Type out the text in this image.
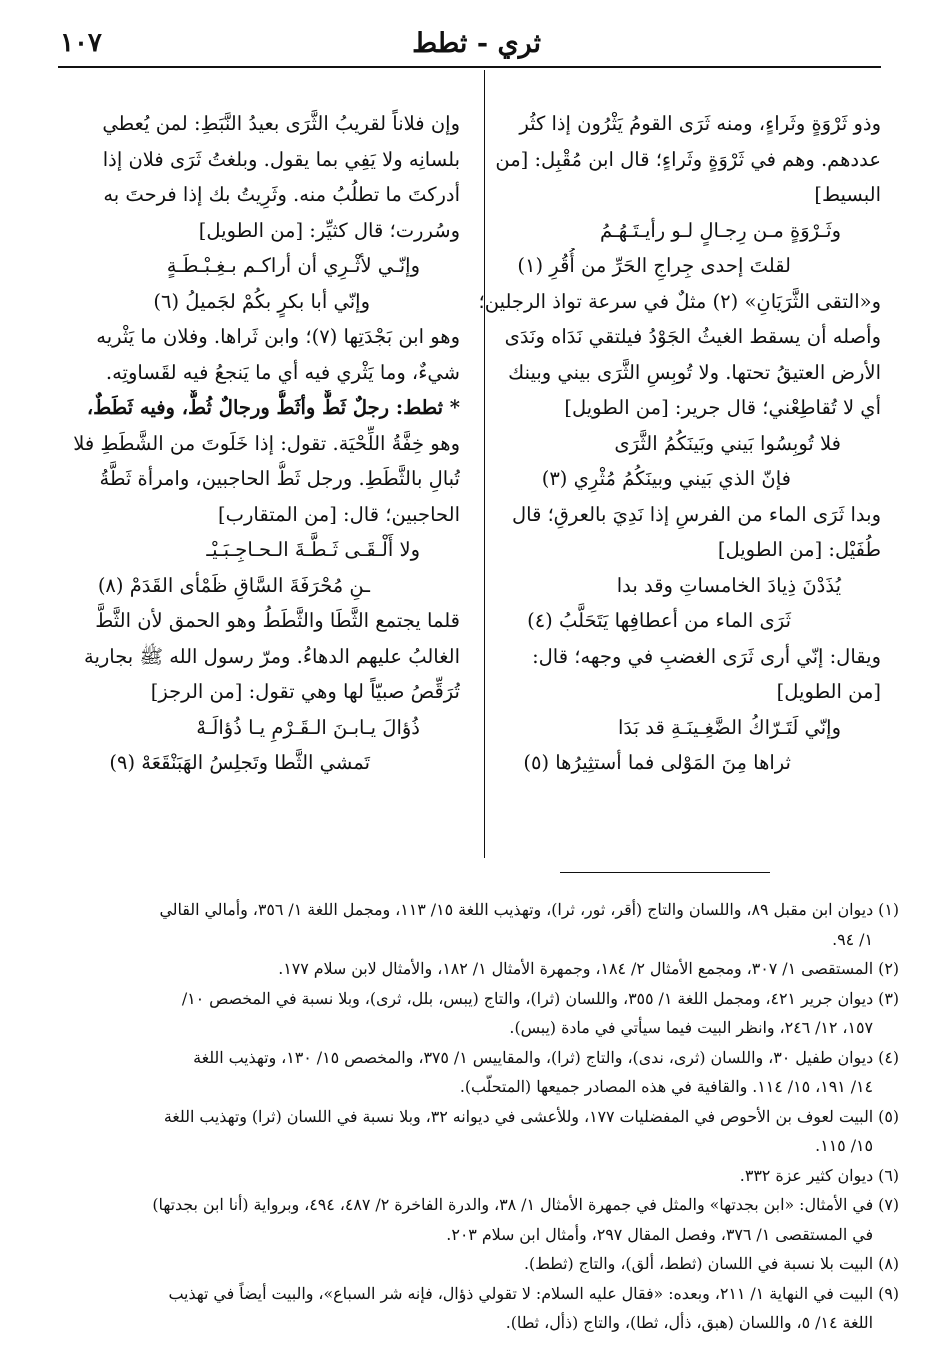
١٠٧	ثري - ثطط
وذو ثَرْوَةٍ وثَراءٍ، ومنه ثَرَى القومُ يَثْرُون إذا كثُر
عددهم. وهم في ثَرْوَةٍ وثَراءٍ؛ قال ابن مُقْبِل: [من
البسيط]
وثَـرْوَةٍ مـن رِجـالٍ لـو رأيـتَـهُـمُ
لقلتَ إحدى جِراجِ الحَرِّ من أُقُرِ (١)
و«التقى الثَّرَيَانِ» (٢) مثلٌ في سرعة تواذ الرجلين؛
وأصله أن يسقط الغيثُ الجَوْدُ فيلتقي نَدَاه ونَدَى
الأرض العتيقُ تحتها. ولا تُوبِسِ الثَّرَى بيني وبينك
أي لا تُقاطِعْني؛ قال جرير: [من الطويل]
فلا تُوبِسُوا بَيني وبَينَكُمُ الثَّرَى
فإنّ الذي بَيني وبينَكُمُ مُثْرِي (٣)
وبدا ثَرَى الماء من الفرسِ إذا نَدِيَ بالعرقِ؛ قال
طُفَيْل: [من الطويل]
يُذَدْنَ ذِيادَ الخامساتِ وقد بدا
ثَرَى الماء من أعطافِها يَتَحَلَّبُ (٤)
ويقال: إنّي أرى ثَرَى الغضبِ في وجهه؛ قال:
[من الطويل]
وإنّي لَتَـرّاكُ الضَّغِـينَـةِ قد بَدَا
ثراها مِنَ المَوْلى فما أستثِيرُها (٥)
وإن فلاناً لقريبُ الثَّرَى بعيدُ النَّبَطِ: لمن يُعطي
بلسانِه ولا يَفِي بما يقول. وبلغتُ ثَرَى فلان إذا
أدركتَ ما تطلُبُ منه. وثَرِيتُ بك إذا فرحتَ به
وسُررت؛ قال كثيِّر: [من الطويل]
وإنّـي لأثْـرِي أن أراكـم بـغِـبْـطَـةٍ
وإنّي أبا بكرٍ بكُمْ لجَميلُ (٦)
وهو ابن بَجْدَتِها (٧)؛ وابن ثَراها. وفلان ما يَثْريه
شيءٌ، وما يَثْري فيه أي ما يَنجعُ فيه لقَساوتِه.
* ثطط: رجلٌ ثَطٌّ وأثَطُّ ورجالٌ ثُطٌّ، وفيه ثَطَطٌ،
وهو خِفَّةُ اللِّحْيَة. تقول: إذا خَلَوتَ من الشَّطَطِ فلا
تُبالِ بالثَّطَطِ. ورجل ثَطُّ الحاجبين، وامرأة ثَطَّةُ
الحاجبين؛ قال: [من المتقارب]
ولا أَلْـقَـى ثَـطَّـةَ الـحـاجِـبَـيْـ
ـنِ مُحْرَفَةَ السَّاقِ ظَمْأى القَدَمْ (٨)
قلما يجتمع الثَّطَا والثَّطَطُ وهو الحمق لأن الثَّطَّ
الغالبُ عليهم الدهاءُ. ومرّ رسول الله ﷺ بجارية
تُرَقِّصُ صبيّاً لها وهي تقول: [من الرجز]
ذُؤالَ يـابـنَ الـقَـرْمِ يـا ذُؤالَـهْ
تَمشي الثَّطا وتَجلِسُ الهَبَنْقَعَهْ (٩)
(١) ديوان ابن مقبل ٨٩، واللسان والتاج (أقر، ثور، ثرا)، وتهذيب اللغة ١٥/ ١١٣، ومجمل اللغة ١/ ٣٥٦، وأمالي القالي
١/ ٩٤.
(٢) المستقصى ١/ ٣٠٧، ومجمع الأمثال ٢/ ١٨٤، وجمهرة الأمثال ١/ ١٨٢، والأمثال لابن سلام ١٧٧.
(٣) ديوان جرير ٤٢١، ومجمل اللغة ١/ ٣٥٥، واللسان (ثرا)، والتاج (يبس، بلل، ثرى)، وبلا نسبة في المخصص ١٠/
١٥٧، ١٢/ ٢٤٦، وانظر البيت فيما سيأتي في مادة (يبس).
(٤) ديوان طفيل ٣٠، واللسان (ثرى، ندى)، والتاج (ثرا)، والمقاييس ١/ ٣٧٥، والمخصص ١٥/ ١٣٠، وتهذيب اللغة
١٤/ ١٩١، ١٥/ ١١٤. والقافية في هذه المصادر جميعها (المتحلّب).
(٥) البيت لعوف بن الأحوص في المفضليات ١٧٧، وللأعشى في ديوانه ٣٢، وبلا نسبة في اللسان (ثرا) وتهذيب اللغة
١٥/ ١١٥.
(٦) ديوان كثير عزة ٣٣٢.
(٧) في الأمثال: «ابن بجدتها» والمثل في جمهرة الأمثال ١/ ٣٨، والدرة الفاخرة ٢/ ٤٨٧، ٤٩٤، وبرواية (أنا ابن بجدتها)
في المستقصى ١/ ٣٧٦، وفصل المقال ٢٩٧، وأمثال ابن سلام ٢٠٣.
(٨) البيت بلا نسبة في اللسان (ثطط، ألق)، والتاج (ثطط).
(٩) البيت في النهاية ١/ ٢١١، وبعده: «فقال عليه السلام: لا تقولي ذؤال، فإنه شر السباع»، والبيت أيضاً في تهذيب
اللغة ١٤/ ٥، واللسان (هبق، ذأل، ثطا)، والتاج (ذأل، ثطا).
